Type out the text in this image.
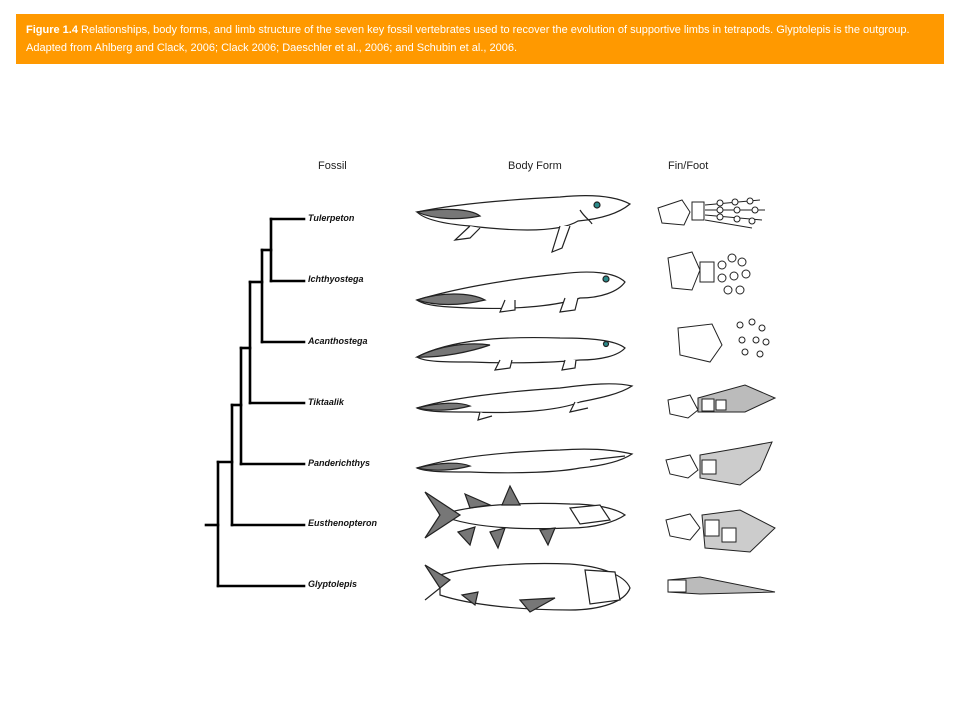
Figure 1.4 Relationships, body forms, and limb structure of the seven key fossil vertebrates used to recover the evolution of supportive limbs in tetrapods. Glyptolepis is the outgroup. Adapted from Ahlberg and Clack, 2006; Clack 2006; Daeschler et al., 2006; and Schubin et al., 2006.
Fossil	Body Form	Fin/Foot
Tulerpeton
Ichthyostega
Acanthostega
Tiktaalik
Panderichthys
Eusthenopteron
Glyptolepis
